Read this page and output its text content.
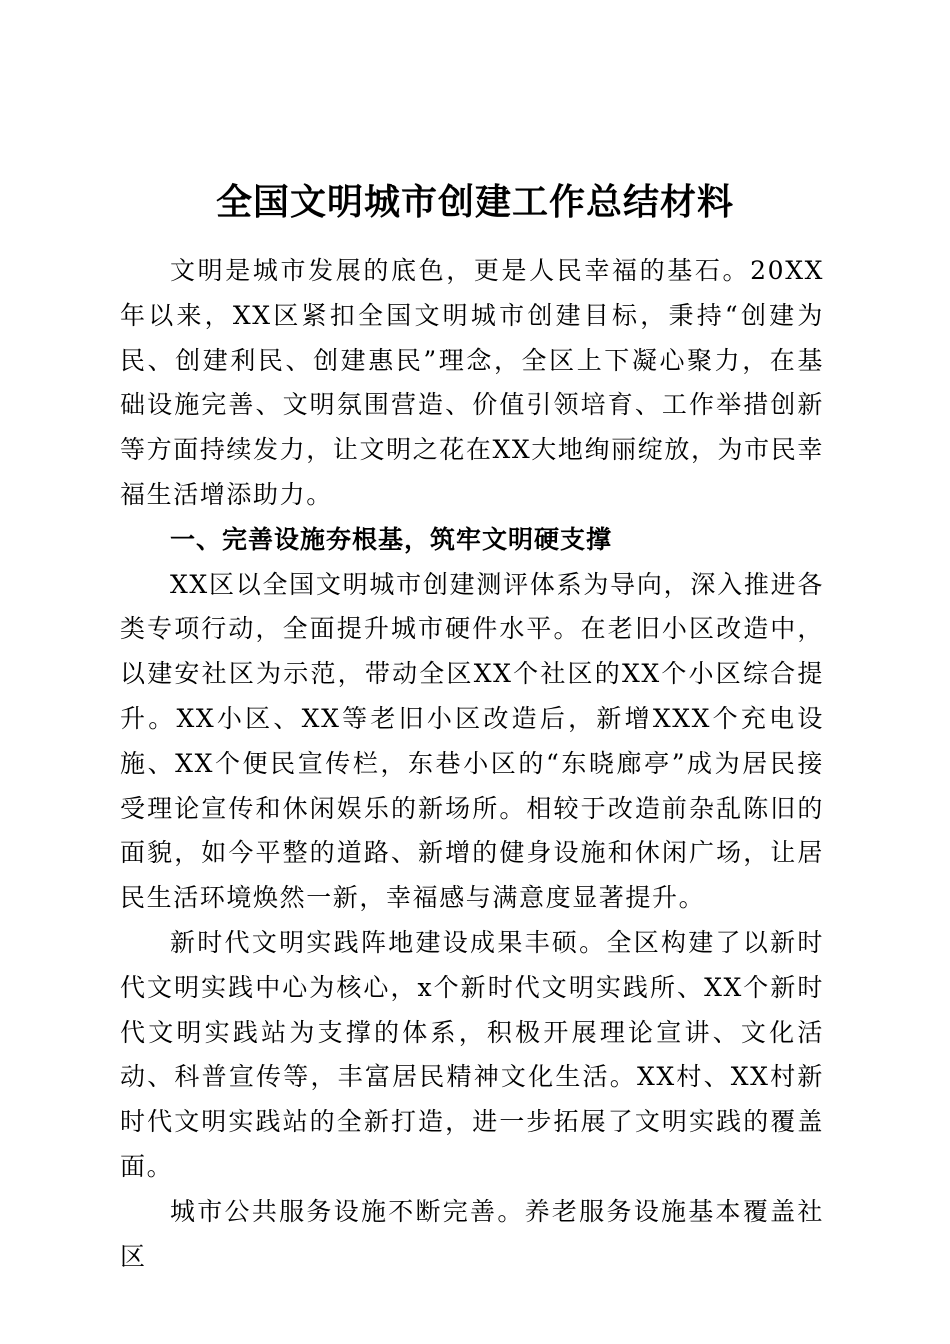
全国文明城市创建工作总结材料

文明是城市发展的底色，更是人民幸福的基石。20XX年以来，XX区紧扣全国文明城市创建目标，秉持“创建为民、创建利民、创建惠民”理念，全区上下凝心聚力，在基础设施完善、文明氛围营造、价值引领培育、工作举措创新等方面持续发力，让文明之花在XX大地绚丽绽放，为市民幸福生活增添助力。

一、完善设施夯根基，筑牢文明硬支撑

XX区以全国文明城市创建测评体系为导向，深入推进各类专项行动，全面提升城市硬件水平。在老旧小区改造中，以建安社区为示范，带动全区XX个社区的XX个小区综合提升。XX小区、XX等老旧小区改造后，新增XXX个充电设施、XX个便民宣传栏，东巷小区的“东晓廊亭”成为居民接受理论宣传和休闲娱乐的新场所。相较于改造前杂乱陈旧的面貌，如今平整的道路、新增的健身设施和休闲广场，让居民生活环境焕然一新，幸福感与满意度显著提升。

新时代文明实践阵地建设成果丰硕。全区构建了以新时代文明实践中心为核心，x个新时代文明实践所、XX个新时代文明实践站为支撑的体系，积极开展理论宣讲、文化活动、科普宣传等，丰富居民精神文化生活。XX村、XX村新时代文明实践站的全新打造，进一步拓展了文明实践的覆盖面。

城市公共服务设施不断完善。养老服务设施基本覆盖社区
